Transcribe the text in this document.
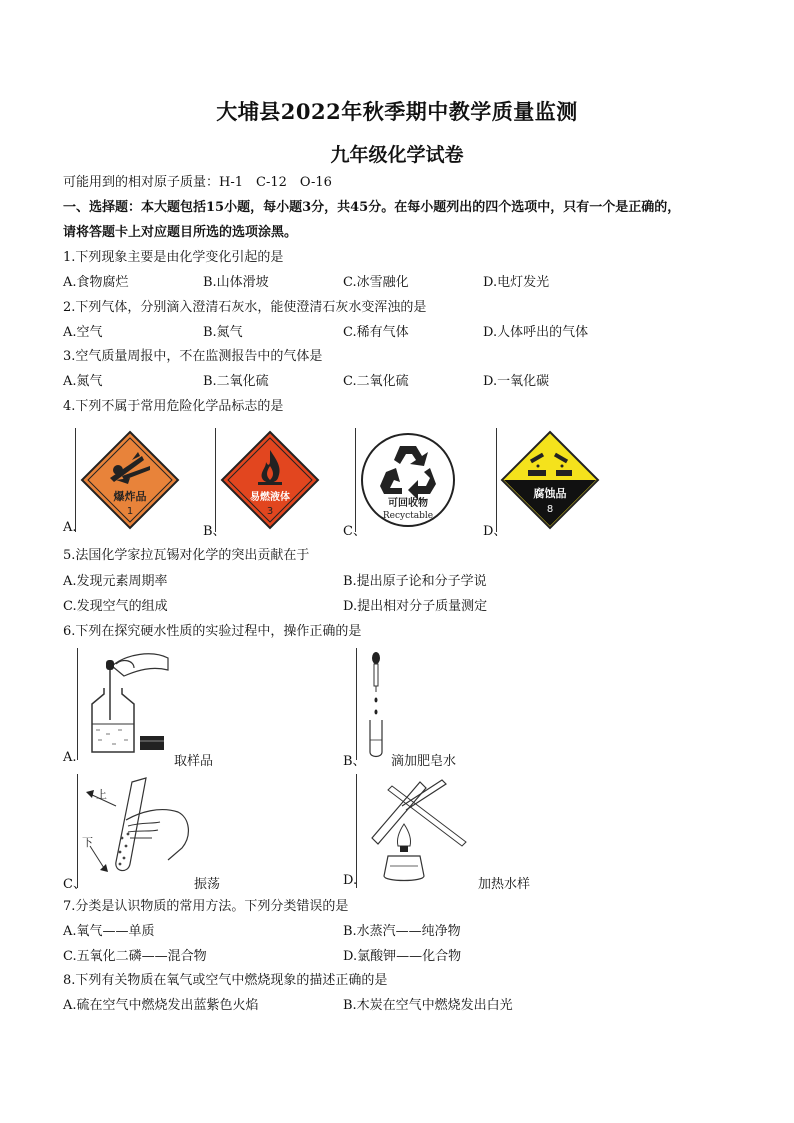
大埔县2022年秋季期中教学质量监测
九年级化学试卷
可能用到的相对原子质量：H-1　C-12　O-16
一、选择题：本大题包括15小题，每小题3分，共45分。在每小题列出的四个选项中，只有一个是正确的，
请将答题卡上对应题目所选的选项涂黑。
1.下列现象主要是由化学变化引起的是
A.食物腐烂	B.山体滑坡	C.冰雪融化	D.电灯发光
2.下列气体，分别滴入澄清石灰水，能使澄清石灰水变浑浊的是
A.空气	B.氮气	C.稀有气体	D.人体呼出的气体
3.空气质量周报中，不在监测报告中的气体是
A.氮气	B.二氧化硫	C.二氧化硫	D.一氧化碳
4.下列不属于常用危险化学品标志的是
爆炸品
1
易燃液体
3
可回收物
Recyctable
腐蚀品
8
A.	B、	C、	D、
5.法国化学家拉瓦锡对化学的突出贡献在于
A.发现元素周期率	B.提出原子论和分子学说
C.发现空气的组成	D.提出相对分子质量测定
6.下列在探究硬水性质的实验过程中，操作正确的是
A.	取样品	B、 滴加肥皂水
上
下
C、	振荡	D.	加热水样
7.分类是认识物质的常用方法。下列分类错误的是
A.氧气——单质	B.水蒸汽——纯净物
C.五氧化二磷——混合物	D.氯酸钾——化合物
8.下列有关物质在氧气或空气中燃烧现象的描述正确的是
A.硫在空气中燃烧发出蓝紫色火焰	B.木炭在空气中燃烧发出白光
